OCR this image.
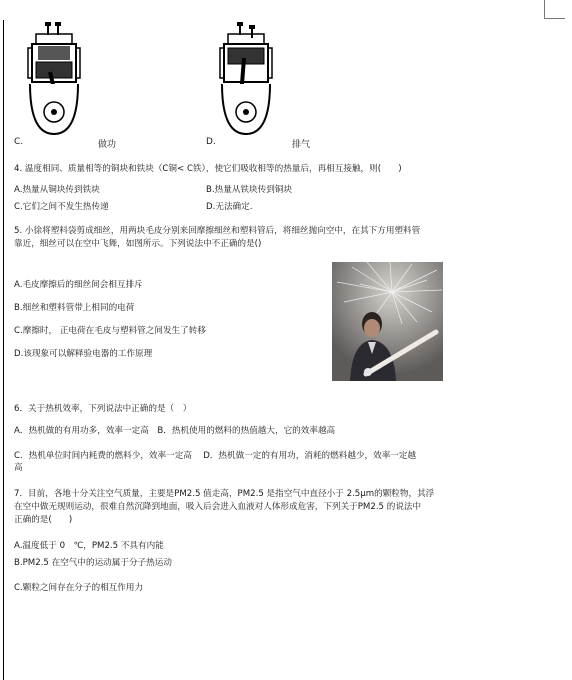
C.	做功	D.	排气
4. 温度相同、质量相等的铜块和铁块（C铜< C铁），使它们吸收相等的热量后，再相互接触，则(　　)
A.热量从铜块传到铁块	B.热量从铁块传到铜块
C.它们之间不发生热传递	D.无法确定.
5. 小徐将塑料袋剪成细丝，用两块毛皮分别来回摩擦细丝和塑料管后，将细丝抛向空中，在其下方用塑料管
靠近，细丝可以在空中飞舞，如图所示。下列说法中不正确的是()
A.毛皮摩擦后的细丝间会相互排斥
B.细丝和塑料管带上相同的电荷
C.摩擦时， 正电荷在毛皮与塑料管之间发生了转移
D.该现象可以解释验电器的工作原理
6．关于热机效率，下列说法中正确的是（　）
A．热机做的有用功多，效率一定高　B．热机使用的燃料的热值越大，它的效率越高
C．热机单位时间内耗费的燃料少，效率一定高　 D．热机做一定的有用功，消耗的燃料越少，效率一定越
高
7．目前，各地十分关注空气质量，主要是PM2.5 值走高，PM2.5 是指空气中直径小于 2.5μm的颗粒物，其浮
在空中做无规则运动，很难自然沉降到地面，吸入后会进入血液对人体形成危害，下列关于PM2.5 的说法中
正确的是(　　)
A.温度低于 0　℃，PM2.5 不具有内能
B.PM2.5 在空气中的运动属于分子热运动
C.颗粒之间存在分子的相互作用力
